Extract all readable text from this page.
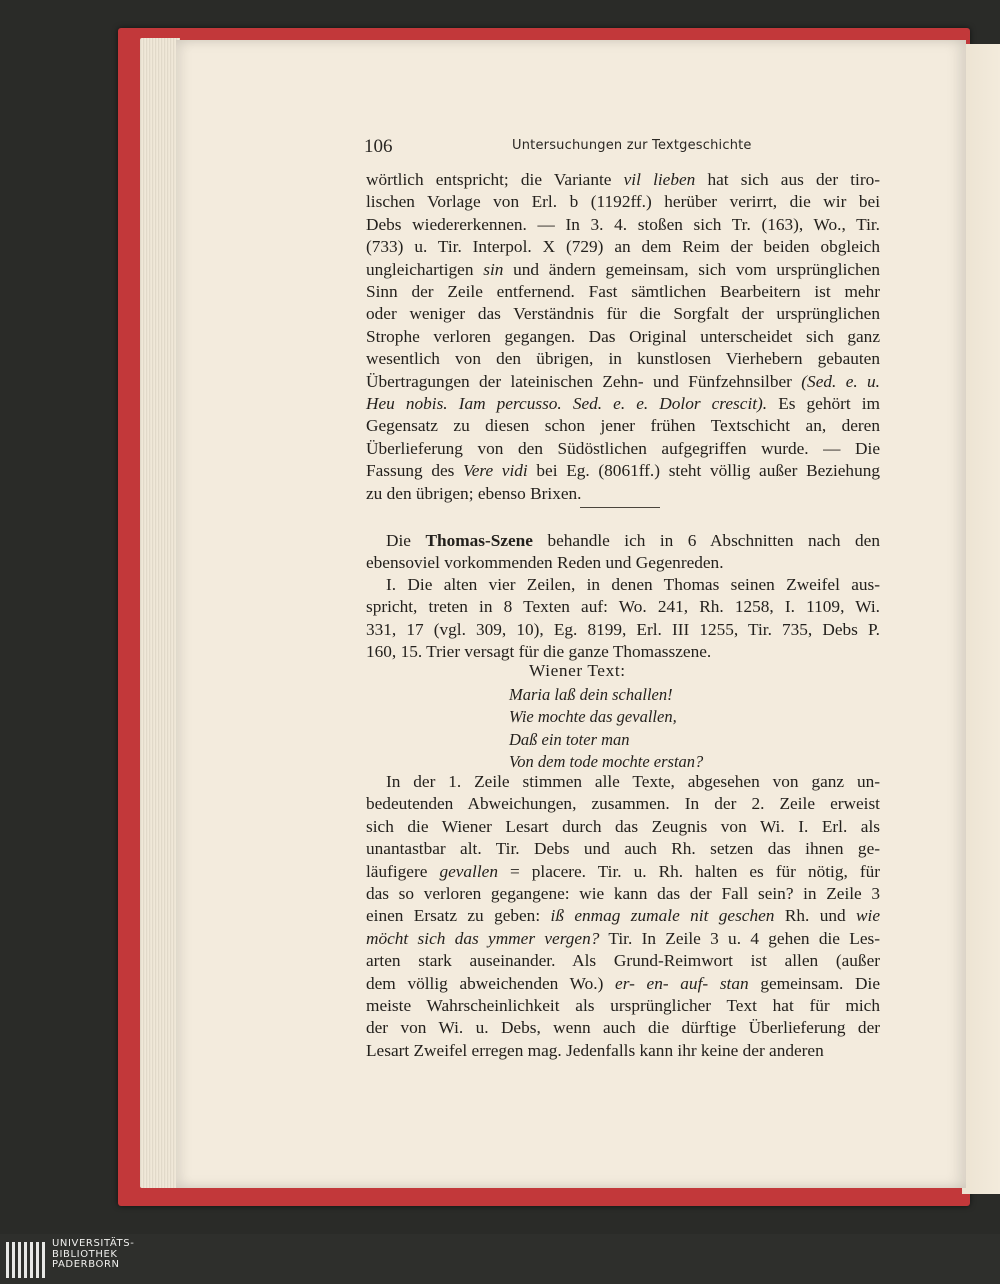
106	Untersuchungen zur Textgeschichte
wörtlich entspricht; die Variante vil lieben hat sich aus der tiro-
lischen Vorlage von Erl. b (1192ff.) herüber verirrt, die wir bei
Debs wiedererkennen. — In 3. 4. stoßen sich Tr. (163), Wo., Tir.
(733) u. Tir. Interpol. X (729) an dem Reim der beiden obgleich
ungleichartigen sin und ändern gemeinsam, sich vom ursprünglichen
Sinn der Zeile entfernend. Fast sämtlichen Bearbeitern ist mehr
oder weniger das Verständnis für die Sorgfalt der ursprünglichen
Strophe verloren gegangen. Das Original unterscheidet sich ganz
wesentlich von den übrigen, in kunstlosen Vierhebern gebauten
Übertragungen der lateinischen Zehn- und Fünfzehnsilber (Sed. e. u.
Heu nobis. Iam percusso. Sed. e. e. Dolor crescit). Es gehört im
Gegensatz zu diesen schon jener frühen Textschicht an, deren
Überlieferung von den Südöstlichen aufgegriffen wurde. — Die
Fassung des Vere vidi bei Eg. (8061ff.) steht völlig außer Beziehung
zu den übrigen; ebenso Brixen.
Die Thomas-Szene behandle ich in 6 Abschnitten nach den
ebensoviel vorkommenden Reden und Gegenreden.
I. Die alten vier Zeilen, in denen Thomas seinen Zweifel aus-
spricht, treten in 8 Texten auf: Wo. 241, Rh. 1258, I. 1109, Wi.
331, 17 (vgl. 309, 10), Eg. 8199, Erl. III 1255, Tir. 735, Debs P.
160, 15. Trier versagt für die ganze Thomasszene.
Wiener Text:
Maria laß dein schallen!
Wie mochte das gevallen,
Daß ein toter man
Von dem tode mochte erstan?
In der 1. Zeile stimmen alle Texte, abgesehen von ganz un-
bedeutenden Abweichungen, zusammen. In der 2. Zeile erweist
sich die Wiener Lesart durch das Zeugnis von Wi. I. Erl. als
unantastbar alt. Tir. Debs und auch Rh. setzen das ihnen ge-
läufigere gevallen = placere. Tir. u. Rh. halten es für nötig, für
das so verloren gegangene: wie kann das der Fall sein? in Zeile 3
einen Ersatz zu geben: iß enmag zumale nit geschen Rh. und wie
möcht sich das ymmer vergen? Tir. In Zeile 3 u. 4 gehen die Les-
arten stark auseinander. Als Grund-Reimwort ist allen (außer
dem völlig abweichenden Wo.) er- en- auf- stan gemeinsam. Die
meiste Wahrscheinlichkeit als ursprünglicher Text hat für mich
der von Wi. u. Debs, wenn auch die dürftige Überlieferung der
Lesart Zweifel erregen mag. Jedenfalls kann ihr keine der anderen
UNIVERSITÄTS-
BIBLIOTHEK
PADERBORN
